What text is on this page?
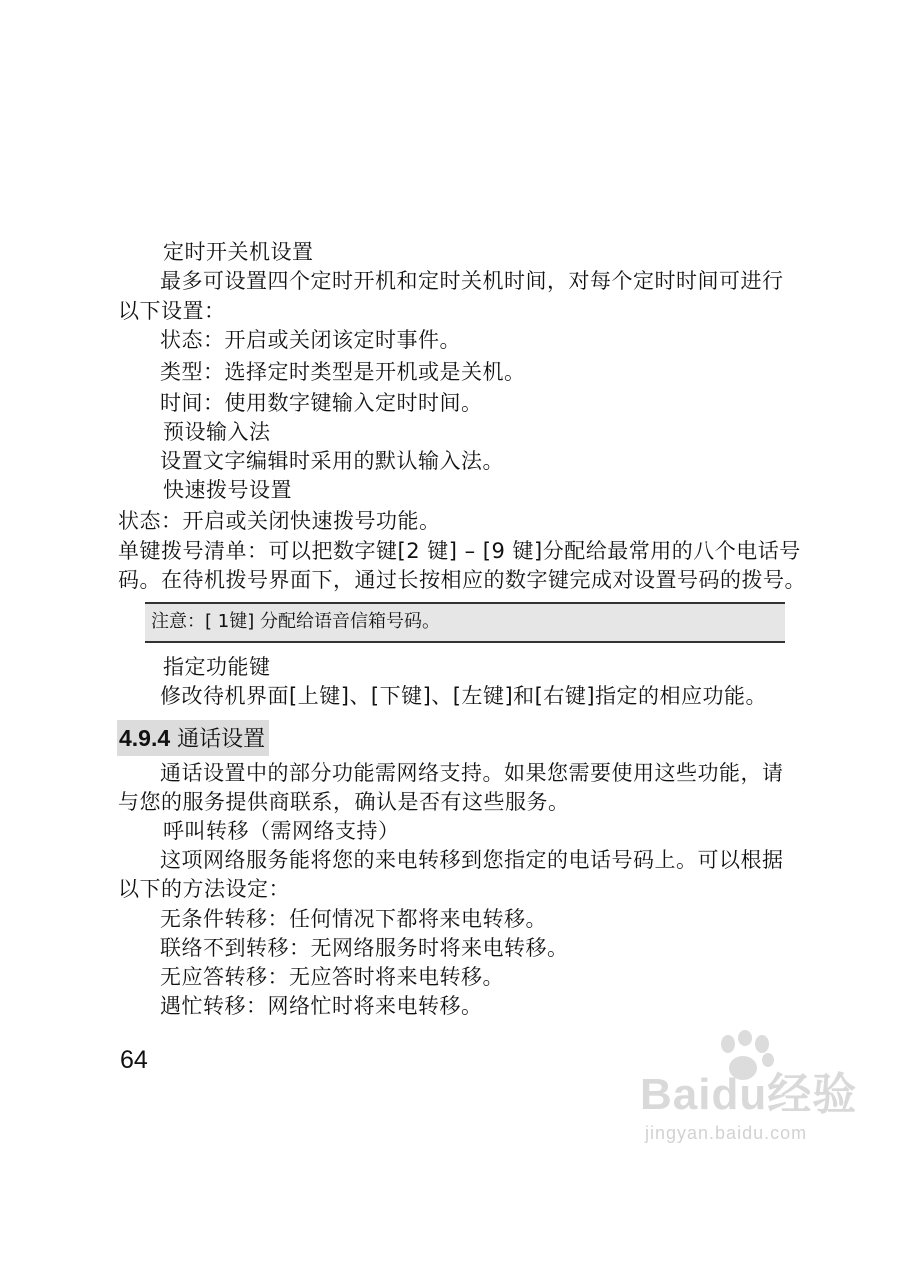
定时开关机设置
最多可设置四个定时开机和定时关机时间，对每个定时时间可进行
以下设置：
状态：开启或关闭该定时事件。
类型：选择定时类型是开机或是关机。
时间：使用数字键输入定时时间。
预设输入法
设置文字编辑时采用的默认输入法。
快速拨号设置
状态：开启或关闭快速拨号功能。
单键拨号清单：可以把数字键[2 键] – [9 键]分配给最常用的八个电话号
码。在待机拨号界面下，通过长按相应的数字键完成对设置号码的拨号。
注意：[ 1键] 分配给语音信箱号码。
指定功能键
修改待机界面[上键]、[下键]、[左键]和[右键]指定的相应功能。
4.9.4 通话设置
通话设置中的部分功能需网络支持。如果您需要使用这些功能，请
与您的服务提供商联系，确认是否有这些服务。
呼叫转移（需网络支持）
这项网络服务能将您的来电转移到您指定的电话号码上。可以根据
以下的方法设定：
无条件转移：任何情况下都将来电转移。
联络不到转移：无网络服务时将来电转移。
无应答转移：无应答时将来电转移。
遇忙转移：网络忙时将来电转移。
64
Baidu经验
jingyan.baidu.com
